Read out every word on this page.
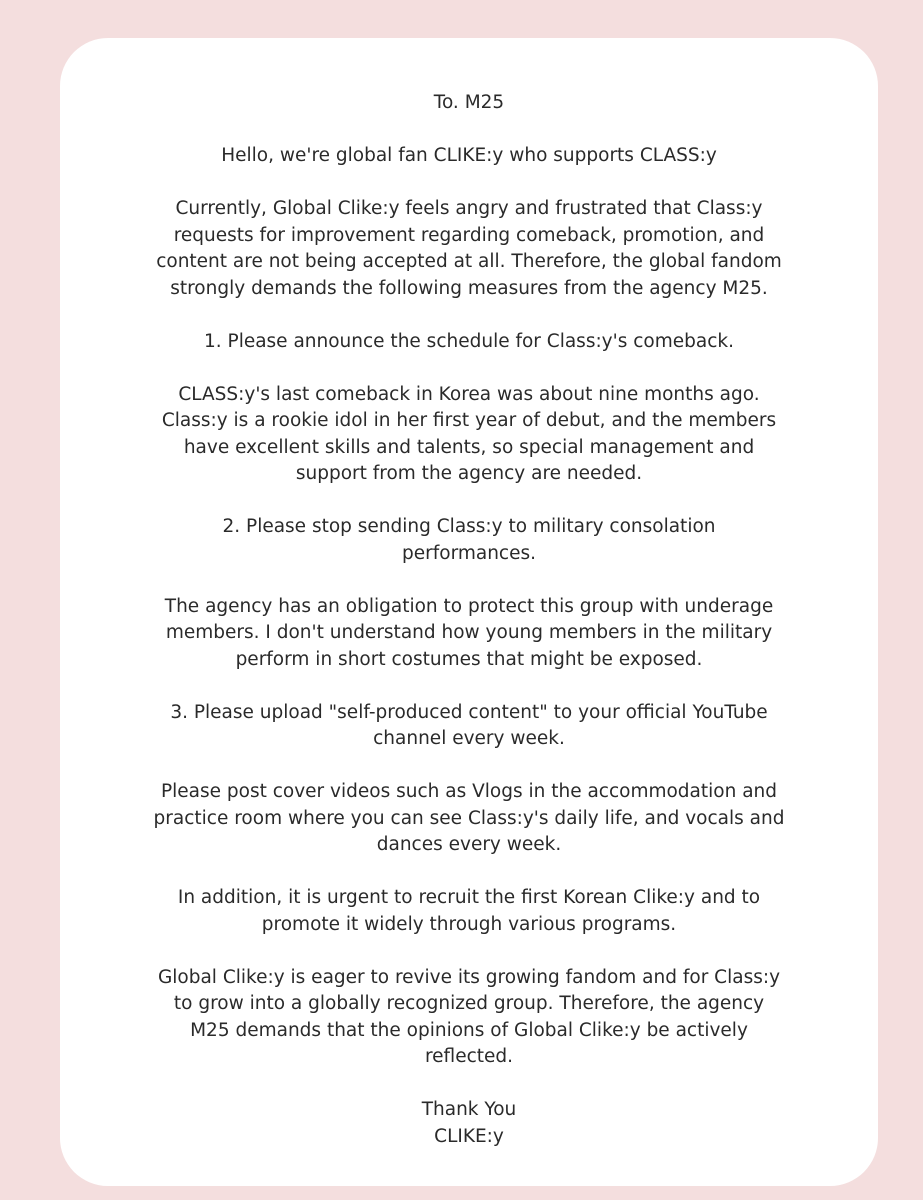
To. M25

Hello, we're global fan CLIKE:y who supports CLASS:y

Currently, Global Clike:y feels angry and frustrated that Class:y

requests for improvement regarding comeback, promotion, and

content are not being accepted at all. Therefore, the global fandom

strongly demands the following measures from the agency M25.

1. Please announce the schedule for Class:y's comeback.

CLASS:y's last comeback in Korea was about nine months ago.

Class:y is a rookie idol in her first year of debut, and the members

have excellent skills and talents, so special management and

support from the agency are needed.

2. Please stop sending Class:y to military consolation

performances.

The agency has an obligation to protect this group with underage

members. I don't understand how young members in the military

perform in short costumes that might be exposed.

3. Please upload "self-produced content" to your official YouTube

channel every week.

Please post cover videos such as Vlogs in the accommodation and

practice room where you can see Class:y's daily life, and vocals and

dances every week.

In addition, it is urgent to recruit the first Korean Clike:y and to

promote it widely through various programs.

Global Clike:y is eager to revive its growing fandom and for Class:y

to grow into a globally recognized group. Therefore, the agency

M25 demands that the opinions of Global Clike:y be actively

reflected.

Thank You

CLIKE:y
